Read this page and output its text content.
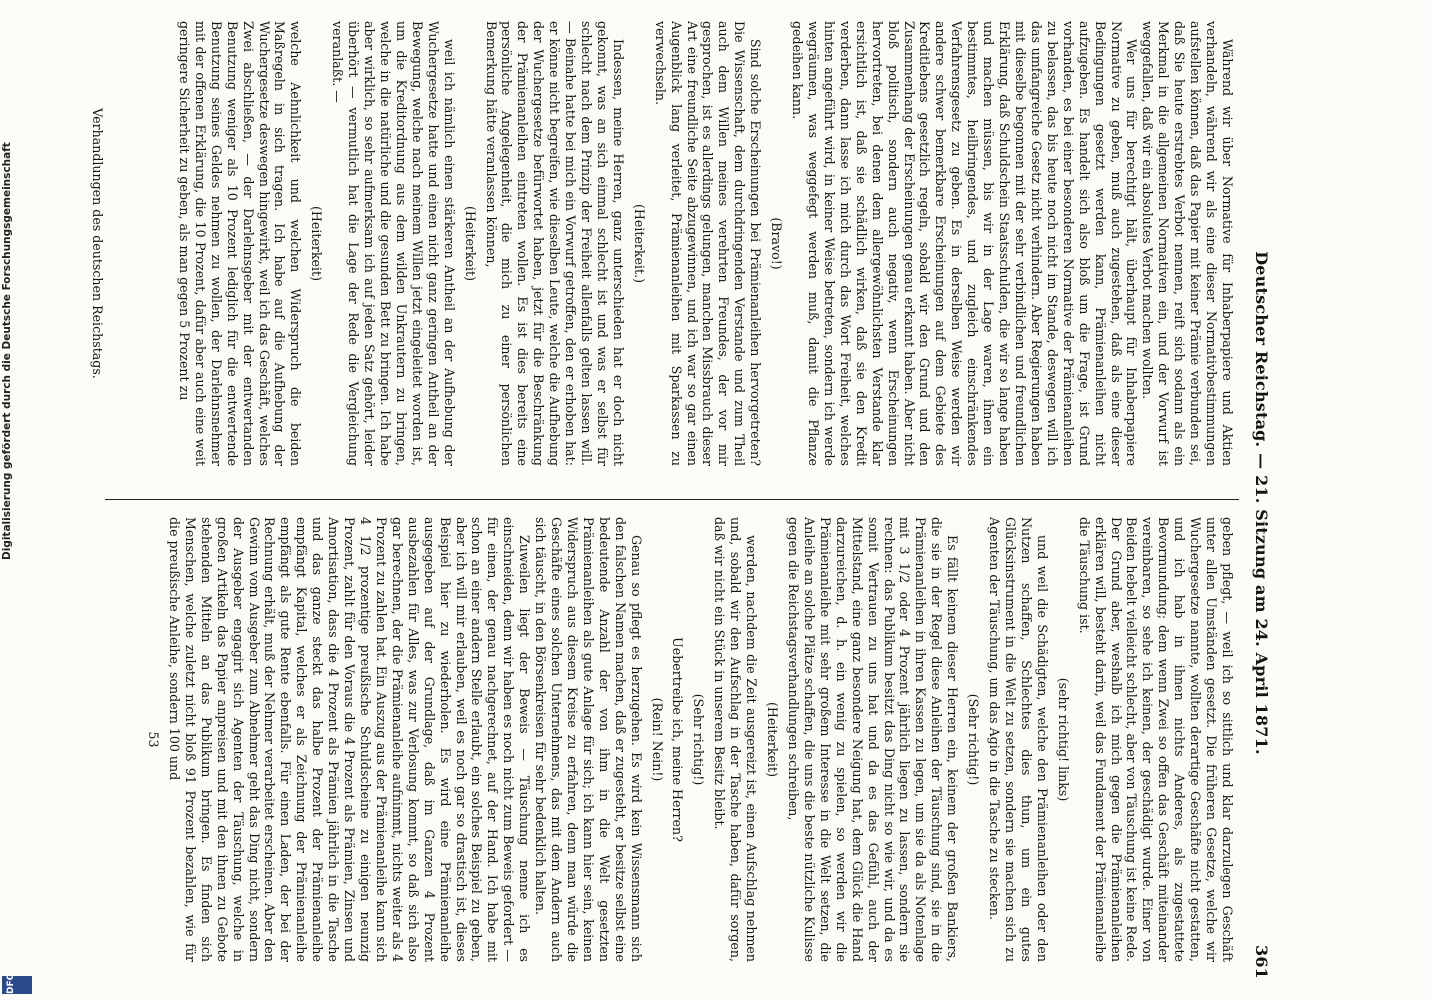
Deutscher Reichstag. — 21. Sitzung am 24. April 1871.
361

Während wir über Normative für Inhaberpapiere und Aktien verhandeln, während wir als eine dieser Normativbestimmungen aufstellen können, daß das Papier mit keiner Prämie verbunden sei, daß Sie heute erstrebtes Verbot nennen, reift sich sodann als ein Merkmal in die allgemeinen Normativen ein, und der Vorwurf ist weggefallen, daß wir ein absolutes Verbot machen wollten.

Wer uns für berechtigt hält, überhaupt für Inhaberpapiere Normative zu geben, muß auch zugestehen, daß als eine dieser Bedingungen gesetzt werden kann, Prämienanleihen nicht aufzugeben. Es handelt sich also bloß um die Frage, ist Grund vorhanden, es bei einer besonderen Normative der Prämienanleihen zu belassen, das bis heute noch nicht im Stande, deswegen will ich das umfangreiche Gesetz nicht verhindern. Aber Regierungen haben mit dieselbe begonnen mit der sehr verbindlichen und freundlichen Erklärung, daß Schuldschein Staatsschulden, die wir so lange haben und machen müssen, bis wir in der Lage waren, ihnen ein bestimmtes, heilbringendes, und zugleich einschränkendes Verfahrensgesetz zu geben. Es in derselben Weise werden wir andere schwer bemerkbare Erscheinungen auf dem Gebiete des Kreditlebens gesetzlich regeln, sobald wir den Grund und den Zusammenhang der Erscheinungen genau erkannt haben. Aber nicht bloß politisch, sondern auch negativ, wenn Erscheinungen hervortreten, bei denen dem allergewöhnlichsten Verstande klar ersichtlich ist, daß sie schädlich wirken, daß sie den Kredit verderben, dann lasse ich mich durch das Wort Freiheit, welches hinten angeführt wird, in keiner Weise betreten, sondern ich werde wegräumen, was weggefegt werden muß, damit die Pflanze gedeihen kann.

(Bravo!)

Sind solche Erscheinungen bei Prämienanleihen hervorgetreten? Die Wissenschaft, dem durchdringenden Verstande und zum Theil auch dem Willen meines verehrten Freundes, der vor mir gesprochen, ist es allerdings gelungen, manchen Missbrauch dieser Art eine freundliche Seite abzugewinnen, und ich war so gar einen Augenblick lang verleitet, Prämienanleihen mit Sparkassen zu verwechseln.

(Heiterkeit.)

Indessen, meine Herren, ganz unterschieden hat er doch nicht gekonnt, was an sich einmal schlecht ist und was er selbst für schlecht nach dem Prinzip der Freiheit allenfalls gelten lassen will. — Beinahe hatte bei mich ein Vorwurf getroffen, den er erhoben hat: er könne nicht begreifen, wie dieselben Leute, welche die Aufhebung der Wuchergesetze befürwortet haben, jetzt für die Beschränkung der Prämienanleihen eintreten wollen. Es ist dies bereits eine persönliche Angelegenheit, die mich zu einer persönlichen Bemerkung hätte veranlassen können,

(Heiterkeit)

weil ich nämlich einen stärkeren Antheil an der Aufhebung der Wuchergesetze hatte und einen nicht ganz geringen Antheil an der Bewegung, welche nach meinem Willen jetzt eingeleitet worden ist, um die Kreditordnung aus dem wilden Unkrautern zu bringen, welche in die natürliche und die gesunden Bett zu bringen. Ich habe aber wirklich, so sehr aufmerksam ich auf jeden Satz gehört, leider überhört — vermutlich hat die Lage der Rede die Vergleichung veranlaßt. —

(Heiterkeit)

welche Aehnlichkeit und welchen Widerspruch die beiden Maßregeln in sich tragen. Ich habe auf die Aufhebung der Wuchergesetze deswegen hingewirkt, weil ich das Geschäft, welches Zwei abschließen, — der Darlehnsgeber mit der entwertanden Benutzung weniger als 10 Prozent lediglich für die entwertende Benutzung seines Geldes nehmen zu wollen, der Darlehnsnehmer mit der offenen Erklärung, die 10 Prozent, dafür aber auch eine weit geringere Sicherheit zu geben, als man gegen 5 Prozent zu

Verhandlungen des deutschen Reichstags.

geben pflegt, — weil ich so sittlich und klar darzulegen Geschäft unter allen Umständen gesetzt. Die früheren Gesetze, welche wir Wuchergesetze nannte, wollten derartige Geschäfte nicht gestatten, und ich hab in ihnen nichts Anderes, als zugestattete Bevormundung; dem wenn Zwei so offen das Geschäft miteinander vereinbaren, so sehe ich keinen, der geschädigt wurde. Einer von Beiden hebelt vielleicht schlecht, aber von Täuschung ist keine Rede. Der Grund aber, weshalb ich mich gegen die Prämienanleihen erklären will, besteht darin, weil das Fundament der Prämienanleihe die Täuschung ist.

(sehr richtig! links)

und weil die Schädigten, welche den Prämienanleihen oder den Nutzen schaffen, Schlechtes dies thun, um ein gutes Glücksinstrument in die Welt zu setzen, sondern sie machen sich zu Agenten der Täuschung, um das Agio in die Tasche zu stecken.

(Sehr richtig!)

Es fällt keinem dieser Herren ein, keinem der großen Bankiers, die sie in der Regel diese Anleihen der Täuschung sind, sie in die Prämienanleihen in ihren Kassen zu legen, um sie da als Notenlage mit 3 1/2 oder 4 Prozent jährlich liegen zu lassen, sondern sie rechnen: das Publikum besitzt das Ding nicht so wie wir, und da es somit Vertrauen zu uns hat und da es das Gefühl, auch der Mittelstand, eine ganz besondere Neigung hat, dem Glück die Hand darzureichen, d. h. ein wenig zu spielen, so werden wir die Prämienanleihe mit sehr großem Interesse in die Welt setzen, die Anleihe an solche Plätze schaffen, die uns die beste nützliche Kulisse gegen die Reichstagsverhandlungen schreiben,

(Heiterkeit)

werden, nachdem die Zeit ausgereizt ist, einen Aufschlag nehmen und, sobald wir den Aufschlag in der Tasche haben, dafür sorgen, daß wir nicht ein Stück in unserem Besitz bleibt.

(Sehr richtig!)

Uebertreibe ich, meine Herren?

(Rein! Nein!)

Genau so pflegt es herzugehen. Es wird kein Wissensmann sich den falschen Namen machen, daß er zugesteht, er besitze selbst eine bedeutende Anzahl der von ihm in die Welt gesetzten Prämienanleihen als gute Anlage für sich; ich kann hier sein, keinen Widerspruch aus diesem Kreise zu erfahren, denn man würde die Geschäfte eines solchen Unternehmens, das mit dem Andern auch sich täuscht, in den Börsenkreisen für sehr bedenklich halten.

Zuweilen liegt der Beweis — Täuschung nenne ich es einschneiden, denn wir haben es noch nicht zum Beweis gefordert — für einen, der genau nachgerechnet, auf der Hand. Ich habe mit schon an einer andern Stelle erlaubt, ein solches Beispiel zu geben, aber ich will mir erlauben, weil es noch gar so drastisch ist, dieses Beispiel hier zu wiederholen. Es wird eine Prämienanleihe ausgegeben auf der Grundlage, daß im Ganzen 4 Prozent ausbezahlen für Alles, was zur Verlosung kommt, so daß sich also gar berechnen, der die Prämienanleihe aufnimmt, nichts weiter als 4 Prozent zu zahlen hat. Ein Auszug aus der Prämienanleihe kann sich 4 1/2 prozentige preußische Schuldscheine zu einigen neunzig Prozent, zahlt für den Voraus die 4 Prozent als Prämien, Zinsen und Amortisation, dass die 4 Prozent als Prämien jährlich in die Tasche und das ganze steckt das halbe Prozent der Prämienanleihe empfängt Kapital, welches er als Zeichnung der Prämienanleihe empfängt als gute Rente ebenfalls. Für einen Laden, der bei der Rechnung erhält, muß der Nehmer verarbeitet erscheinen. Aber den Gewinn vom Ausgeber zum Abnehmer geht das Ding nicht, sondern der Ausgeber engagirt sich Agenten der Täuschung, welche in großen Artikeln das Papier anpreisen und mit den ihnen zu Gebote stehenden Mitteln an das Publikum bringen. Es finden sich Menschen, welche zuletzt nicht bloß 91 Prozent bezahlen, wie für die preußische Anleihe, sondern 100 und

53

Digitalisierung gefördert durch die Deutsche Forschungsgemeinschaft
DFG
